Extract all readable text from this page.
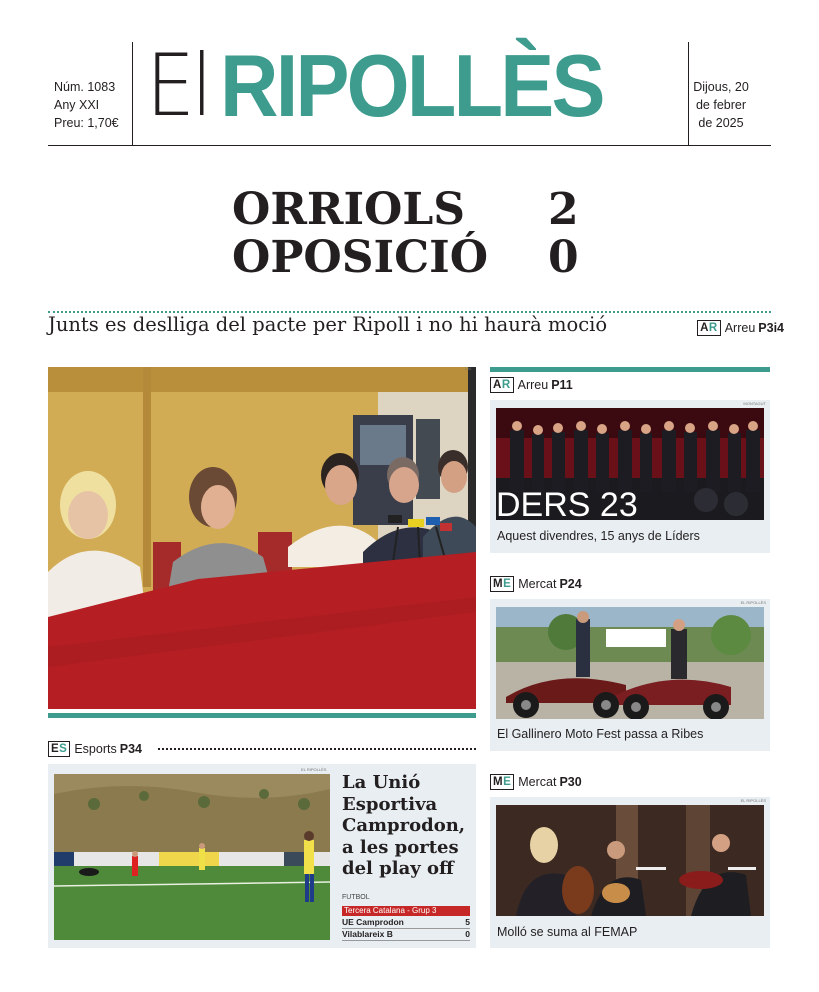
Núm. 1083
Any XXI
Preu: 1,70€ El RIPOLLÈS	Dijous, 20
de febrer
de 2025
ORRIOLS 2
OPOSICIÓ 0
Junts es deslliga del pacte per Ripoll i no hi haurà moció	AR Arreu P3i4
J.M.
AR Arreu P11
DERS 23
MONTAGUT
Aquest divendres, 15 anys de Líders
ME Mercat P24
EL RIPOLLÈS
El Gallinero Moto Fest passa a Ribes
ME Mercat P30
EL RIPOLLÈS
Molló se suma al FEMAP
ES Esports P34
EL RIPOLLÈS
La Unió Esportiva Camprodon, a les portes del play off
FUTBOL
Tercera Catalana - Grup 3
UE Camprodon	5
Vilablareix B	0
